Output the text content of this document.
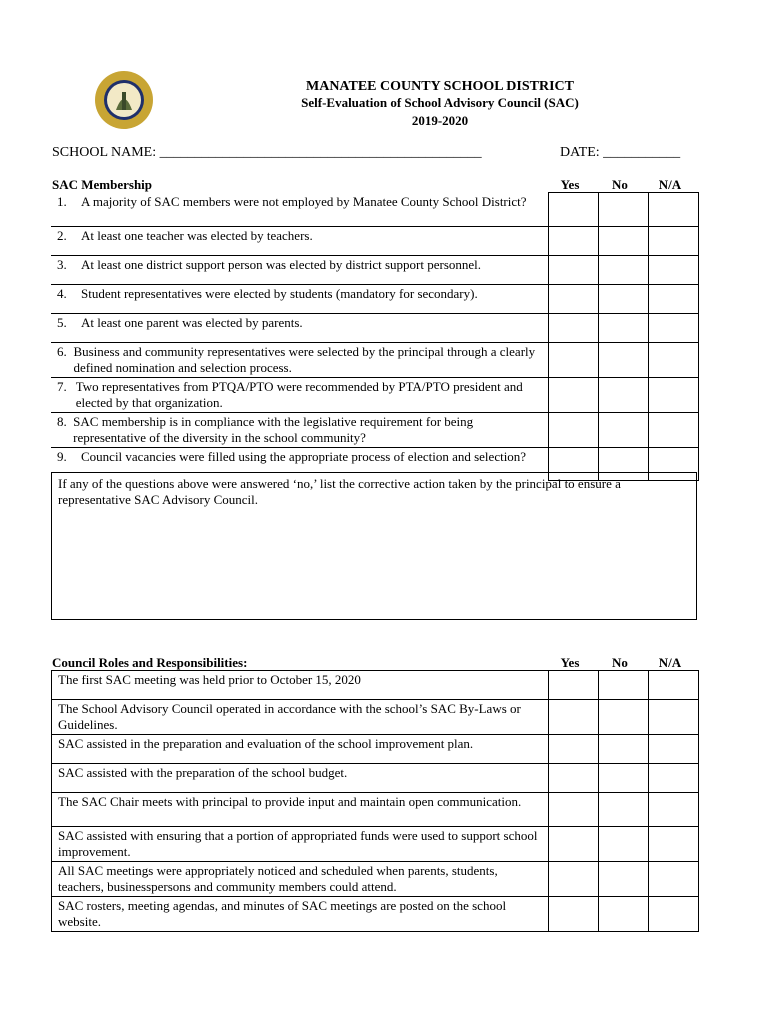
MANATEE COUNTY SCHOOL DISTRICT
Self-Evaluation of School Advisory Council (SAC)
2019-2020
SCHOOL NAME: ______________________________________________	DATE: ___________
SAC Membership	Yes	No	N/A
1. A majority of SAC members were not employed by Manatee County School District?			

2. At least one teacher was elected by teachers.			

3. At least one district support person was elected by district support personnel.			

4. Student representatives were elected by students (mandatory for secondary).			

5. At least one parent was elected by parents.			

6. Business and community representatives were selected by the principal through a clearly defined nomination and selection process.			

7. Two representatives from PTQA/PTO were recommended by PTA/PTO president and elected by that organization.			

8. SAC membership is in compliance with the legislative requirement for being representative of the diversity in the school community?			

9. Council vacancies were filled using the appropriate process of election and selection?			

If any of the questions above were answered ‘no,’ list the corrective action taken by the principal to ensure a representative SAC Advisory Council.
Council Roles and Responsibilities:	Yes	No	N/A
The first SAC meeting was held prior to October 15, 2020			
The School Advisory Council operated in accordance with the school’s SAC By-Laws or Guidelines.			
SAC assisted in the preparation and evaluation of the school improvement plan.			
SAC assisted with the preparation of the school budget.			
The SAC Chair meets with principal to provide input and maintain open communication.			
SAC assisted with ensuring that a portion of appropriated funds were used to support school improvement.			
All SAC meetings were appropriately noticed and scheduled when parents, students, teachers, businesspersons and community members could attend.			
SAC rosters, meeting agendas, and minutes of SAC meetings are posted on the school website.			
